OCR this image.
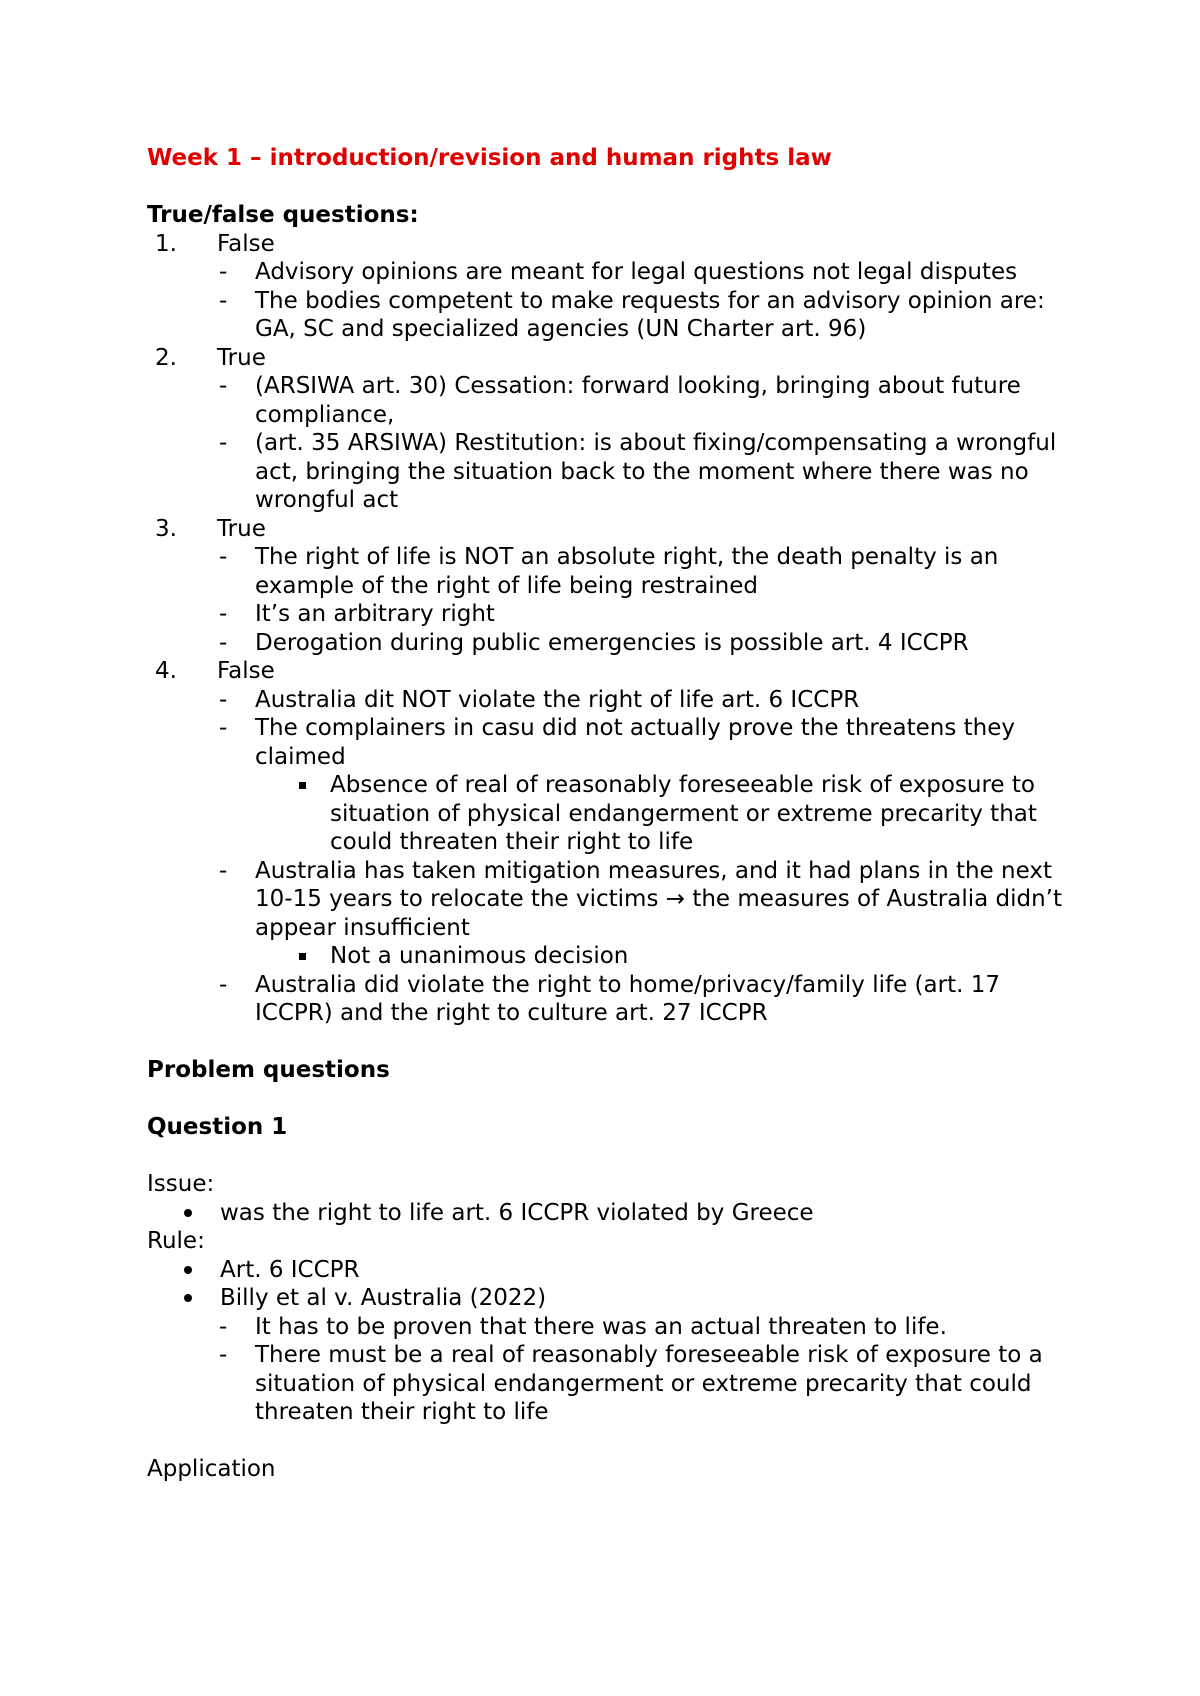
Week 1 – introduction/revision and human rights law
True/false questions:
1. False
- Advisory opinions are meant for legal questions not legal disputes
- The bodies competent to make requests for an advisory opinion are: GA, SC and specialized agencies (UN Charter art. 96)
2. True
- (ARSIWA art. 30) Cessation: forward looking, bringing about future compliance,
- (art. 35 ARSIWA) Restitution: is about fixing/compensating a wrongful act, bringing the situation back to the moment where there was no wrongful act
3. True
- The right of life is NOT an absolute right, the death penalty is an example of the right of life being restrained
- It’s an arbitrary right
- Derogation during public emergencies is possible art. 4 ICCPR
4. False
- Australia dit NOT violate the right of life art. 6 ICCPR
- The complainers in casu did not actually prove the threatens they claimed
Absence of real of reasonably foreseeable risk of exposure to situation of physical endangerment or extreme precarity that could threaten their right to life
- Australia has taken mitigation measures, and it had plans in the next 10-15 years to relocate the victims → the measures of Australia didn’t appear insufficient
Not a unanimous decision
- Australia did violate the right to home/privacy/family life (art. 17 ICCPR) and the right to culture art. 27 ICCPR
Problem questions
Question 1
Issue:
was the right to life art. 6 ICCPR violated by Greece
Rule:
Art. 6 ICCPR
Billy et al v. Australia (2022)
- It has to be proven that there was an actual threaten to life.
- There must be a real of reasonably foreseeable risk of exposure to a situation of physical endangerment or extreme precarity that could threaten their right to life
Application
